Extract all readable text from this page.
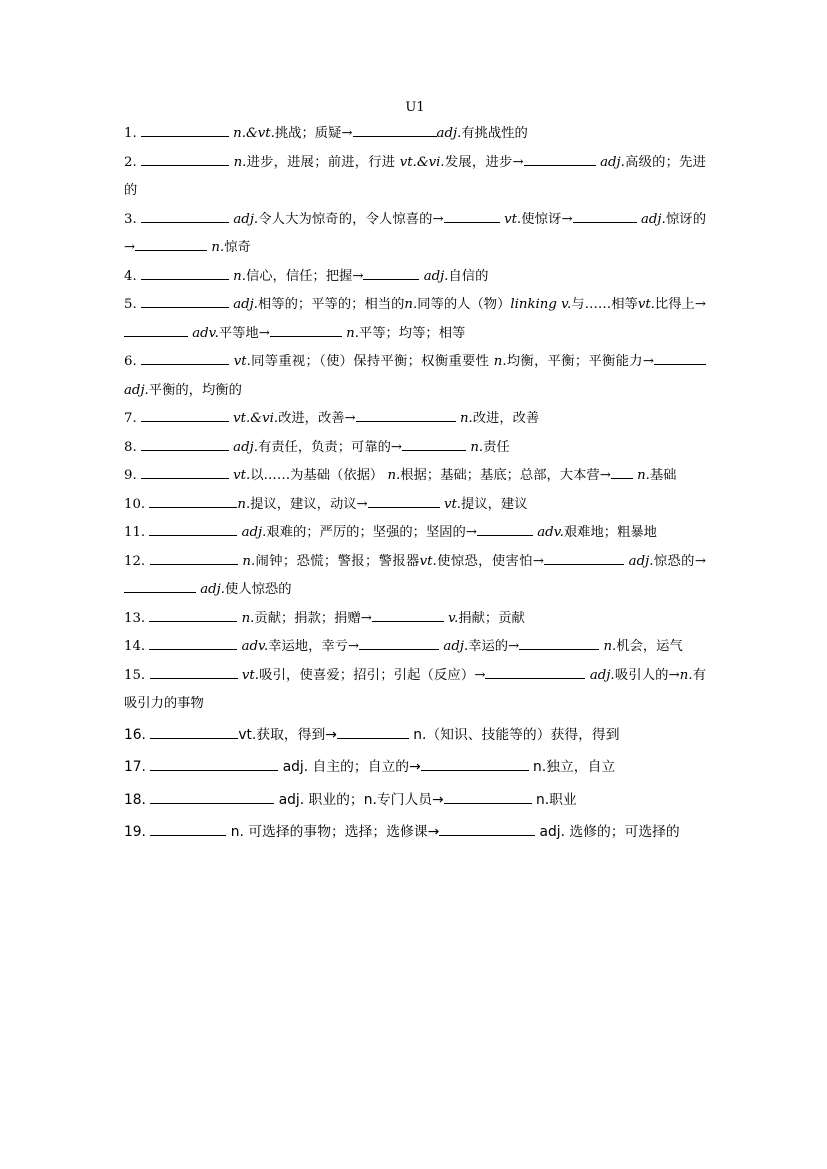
U1
1.	n.&vt.挑战；质疑→	adj.有挑战性的
2.	n.进步，进展；前进，行进 vt.&vi.发展，进步→	adj.高级的；先进的
3.	adj.令人大为惊奇的，令人惊喜的→	vt.使惊讶→	adj.惊讶的→	n.惊奇
4.	n.信心，信任；把握→	adj.自信的
5.	adj.相等的；平等的；相当的n.同等的人（物）linking v.与……相等vt.比得上→ adv.平等地→	n.平等；均等；相等
6.	vt.同等重视；（使）保持平衡；权衡重要性 n.均衡，平衡；平衡能力→ adj.平衡的，均衡的
7.	vt.&vi.改进，改善→	n.改进，改善
8.	adj.有责任，负责；可靠的→	n.责任
9.	vt.以……为基础（依据） n.根据；基础；基底；总部，大本营→ n.基础
10.	n.提议，建议，动议→	vt.提议，建议
11.	adj.艰难的；严厉的；坚强的；坚固的→	adv.艰难地；粗暴地
12.	n.闹钟；恐慌；警报；警报器vt.使惊恐，使害怕→	adj.惊恐的→ adj.使人惊恐的
13.	n.贡献；捐款；捐赠→	v.捐献；贡献
14.	adv.幸运地，幸亏→	adj.幸运的→	n.机会，运气
15.	vt.吸引，使喜爱；招引；引起（反应）→	adj.吸引人的→n.有吸引力的事物
16.	vt.获取，得到→	n.（知识、技能等的）获得，得到
17.	adj. 自主的；自立的→	n.独立，自立
18.	adj. 职业的；n.专门人员→	n.职业
19.	n. 可选择的事物；选择；选修课→	adj. 选修的；可选择的
